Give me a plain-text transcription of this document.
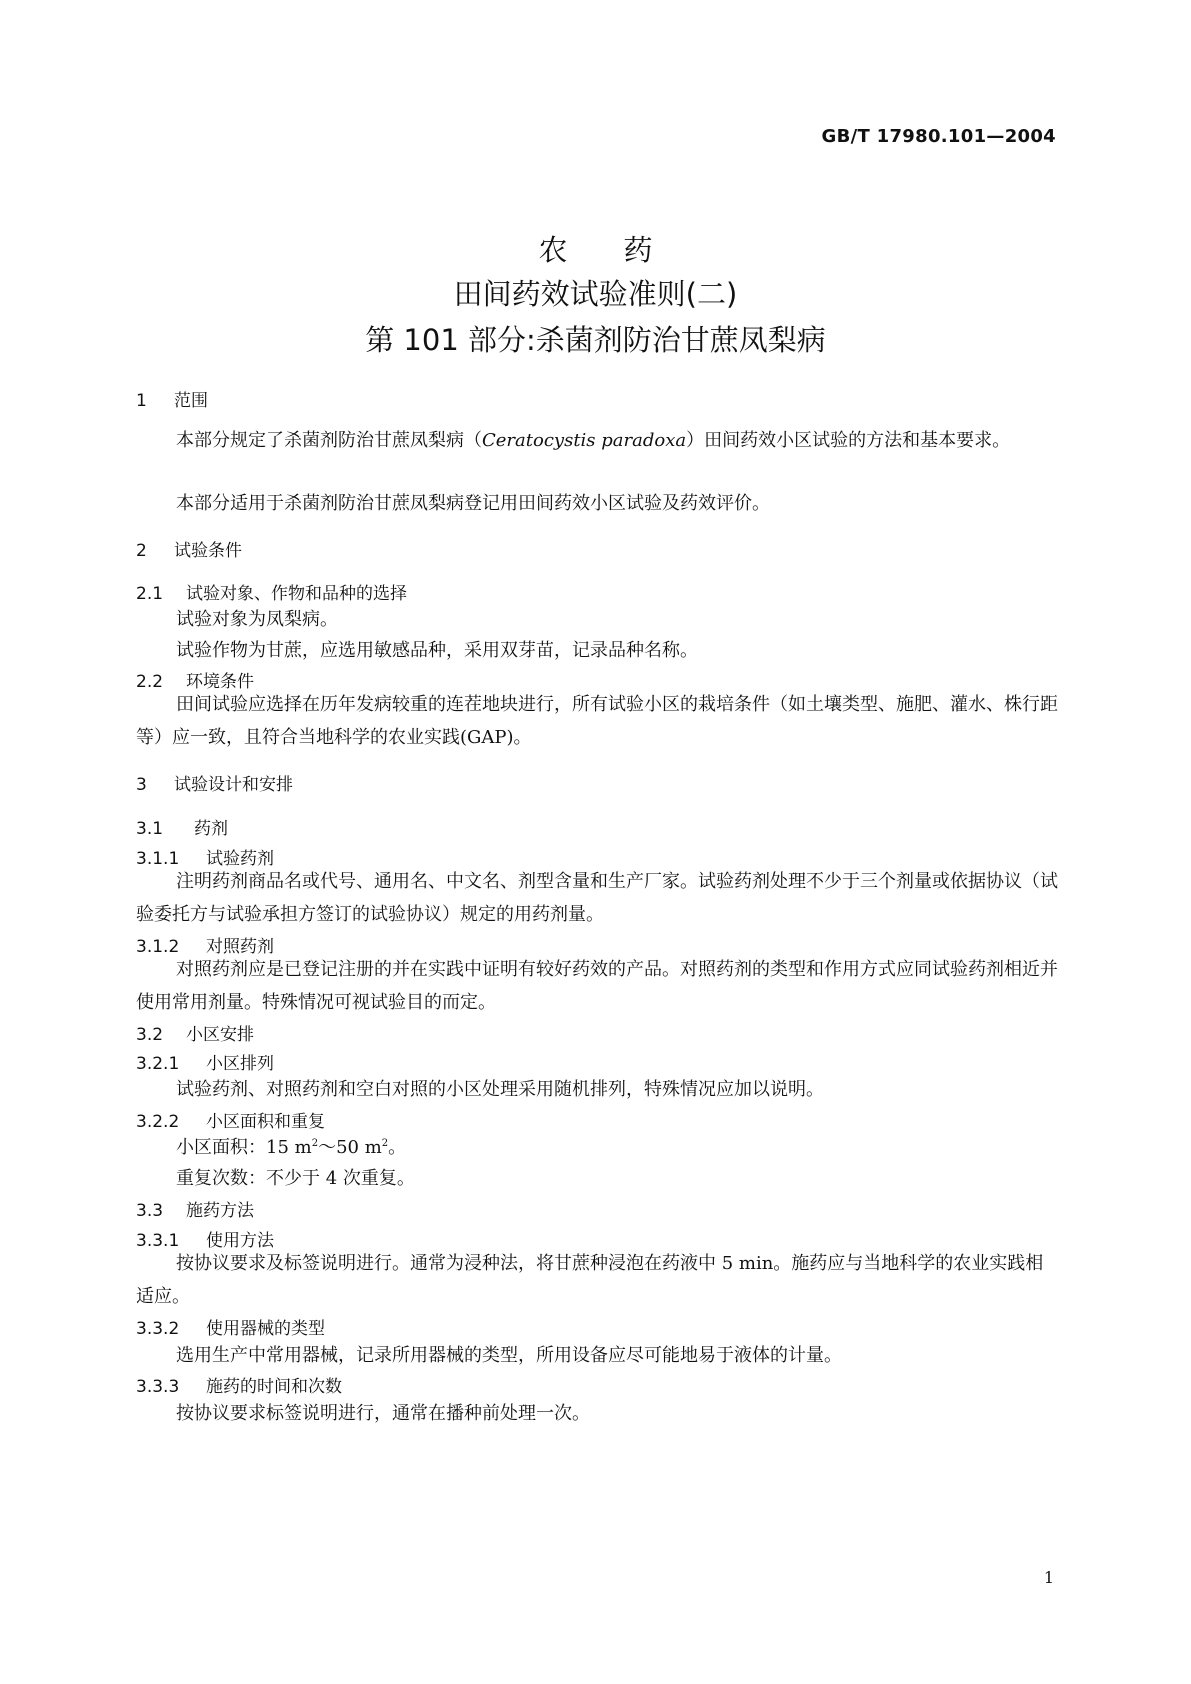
GB/T 17980.101—2004
农药
田间药效试验准则(二)
第 101 部分:杀菌剂防治甘蔗凤梨病
1 范围
本部分规定了杀菌剂防治甘蔗凤梨病（Ceratocystis paradoxa）田间药效小区试验的方法和基本要求。
本部分适用于杀菌剂防治甘蔗凤梨病登记用田间药效小区试验及药效评价。
2 试验条件
2.1 试验对象、作物和品种的选择
试验对象为凤梨病。
试验作物为甘蔗，应选用敏感品种，采用双芽苗，记录品种名称。
2.2 环境条件
田间试验应选择在历年发病较重的连茬地块进行，所有试验小区的栽培条件（如土壤类型、施肥、灌水、株行距等）应一致，且符合当地科学的农业实践(GAP)。
3 试验设计和安排
3.1 药剂
3.1.1 试验药剂
注明药剂商品名或代号、通用名、中文名、剂型含量和生产厂家。试验药剂处理不少于三个剂量或依据协议（试验委托方与试验承担方签订的试验协议）规定的用药剂量。
3.1.2 对照药剂
对照药剂应是已登记注册的并在实践中证明有较好药效的产品。对照药剂的类型和作用方式应同试验药剂相近并使用常用剂量。特殊情况可视试验目的而定。
3.2 小区安排
3.2.1 小区排列
试验药剂、对照药剂和空白对照的小区处理采用随机排列，特殊情况应加以说明。
3.2.2 小区面积和重复
小区面积：15 $m^2\sim 50$ $m^2$。
重复次数：不少于 4 次重复。
3.3 施药方法
3.3.1 使用方法
按协议要求及标签说明进行。通常为浸种法，将甘蔗种浸泡在药液中 5 min。施药应与当地科学的农业实践相适应。
3.3.2 使用器械的类型
选用生产中常用器械，记录所用器械的类型，所用设备应尽可能地易于液体的计量。
3.3.3 施药的时间和次数
按协议要求标签说明进行，通常在播种前处理一次。
1
